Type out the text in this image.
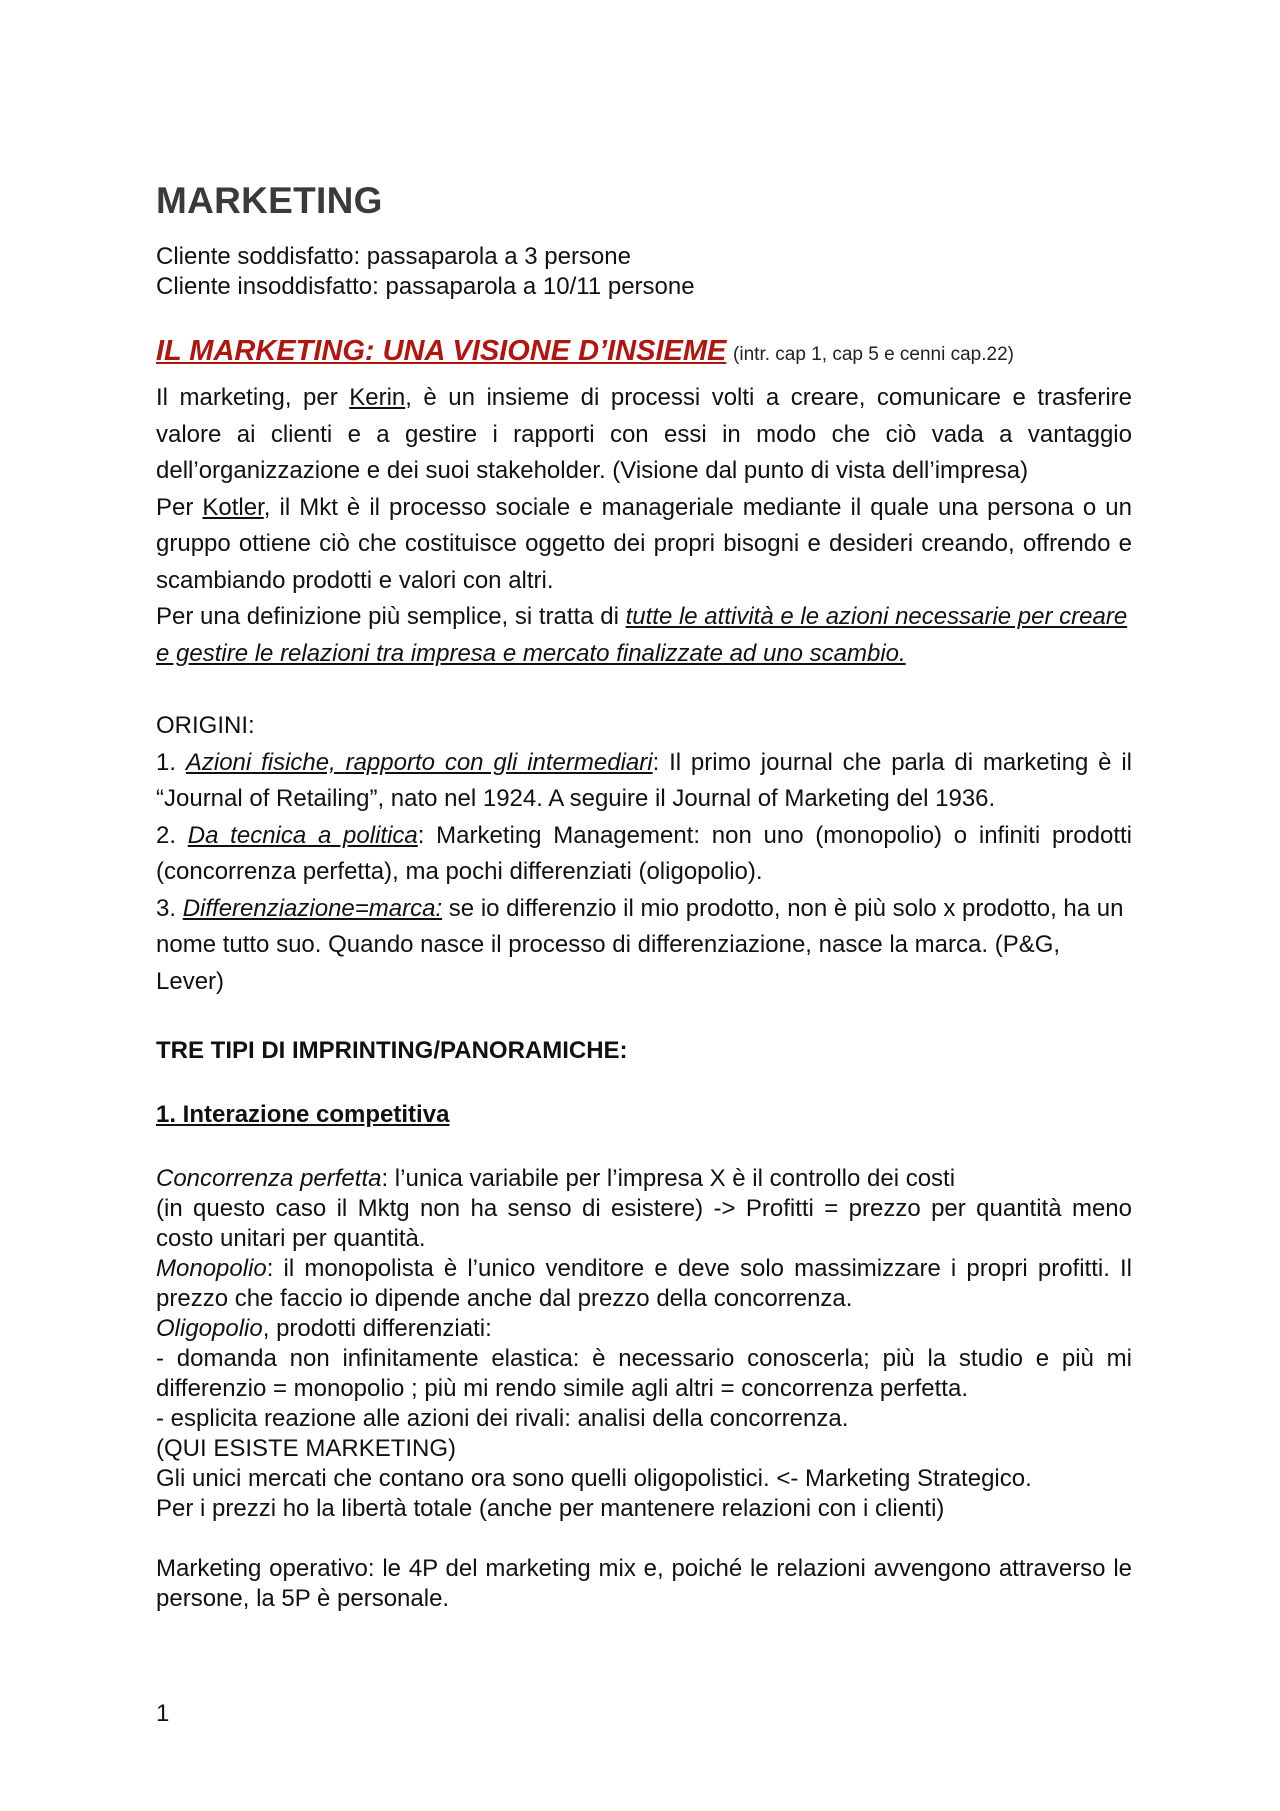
MARKETING

Cliente soddisfatto: passaparola a 3 persone

Cliente insoddisfatto: passaparola a 10/11 persone

IL MARKETING: UNA VISIONE D’INSIEME (intr. cap 1, cap 5 e cenni cap.22)

Il marketing, per Kerin, è un insieme di processi volti a creare, comunicare e trasferire valore ai clienti e a gestire i rapporti con essi in modo che ciò vada a vantaggio dell’organizzazione e dei suoi stakeholder. (Visione dal punto di vista dell’impresa)

Per Kotler, il Mkt è il processo sociale e manageriale mediante il quale una persona o un gruppo ottiene ciò che costituisce oggetto dei propri bisogni e desideri creando, offrendo e scambiando prodotti e valori con altri.

Per una definizione più semplice, si tratta di tutte le attività e le azioni necessarie per creare e gestire le relazioni tra impresa e mercato finalizzate ad uno scambio.

ORIGINI:

1. Azioni fisiche, rapporto con gli intermediari: Il primo journal che parla di marketing è il “Journal of Retailing”, nato nel 1924. A seguire il Journal of Marketing del 1936.

2. Da tecnica a politica: Marketing Management: non uno (monopolio) o infiniti prodotti (concorrenza perfetta), ma pochi differenziati (oligopolio).

3. Differenziazione=marca: se io differenzio il mio prodotto, non è più solo x prodotto, ha un nome tutto suo. Quando nasce il processo di differenziazione, nasce la marca. (P&G, Lever)

TRE TIPI DI IMPRINTING/PANORAMICHE:

1. Interazione competitiva

Concorrenza perfetta: l’unica variabile per l’impresa X è il controllo dei costi

(in questo caso il Mktg non ha senso di esistere) -> Profitti = prezzo per quantità meno costo unitari per quantità.

Monopolio: il monopolista è l’unico venditore e deve solo massimizzare i propri profitti. Il prezzo che faccio io dipende anche dal prezzo della concorrenza.

Oligopolio, prodotti differenziati:

- domanda non infinitamente elastica: è necessario conoscerla; più la studio e più mi differenzio = monopolio ; più mi rendo simile agli altri = concorrenza perfetta.

- esplicita reazione alle azioni dei rivali: analisi della concorrenza.

(QUI ESISTE MARKETING)

Gli unici mercati che contano ora sono quelli oligopolistici. <- Marketing Strategico.

Per i prezzi ho la libertà totale (anche per mantenere relazioni con i clienti)

Marketing operativo: le 4P del marketing mix e, poiché le relazioni avvengono attraverso le persone, la 5P è personale.

1
